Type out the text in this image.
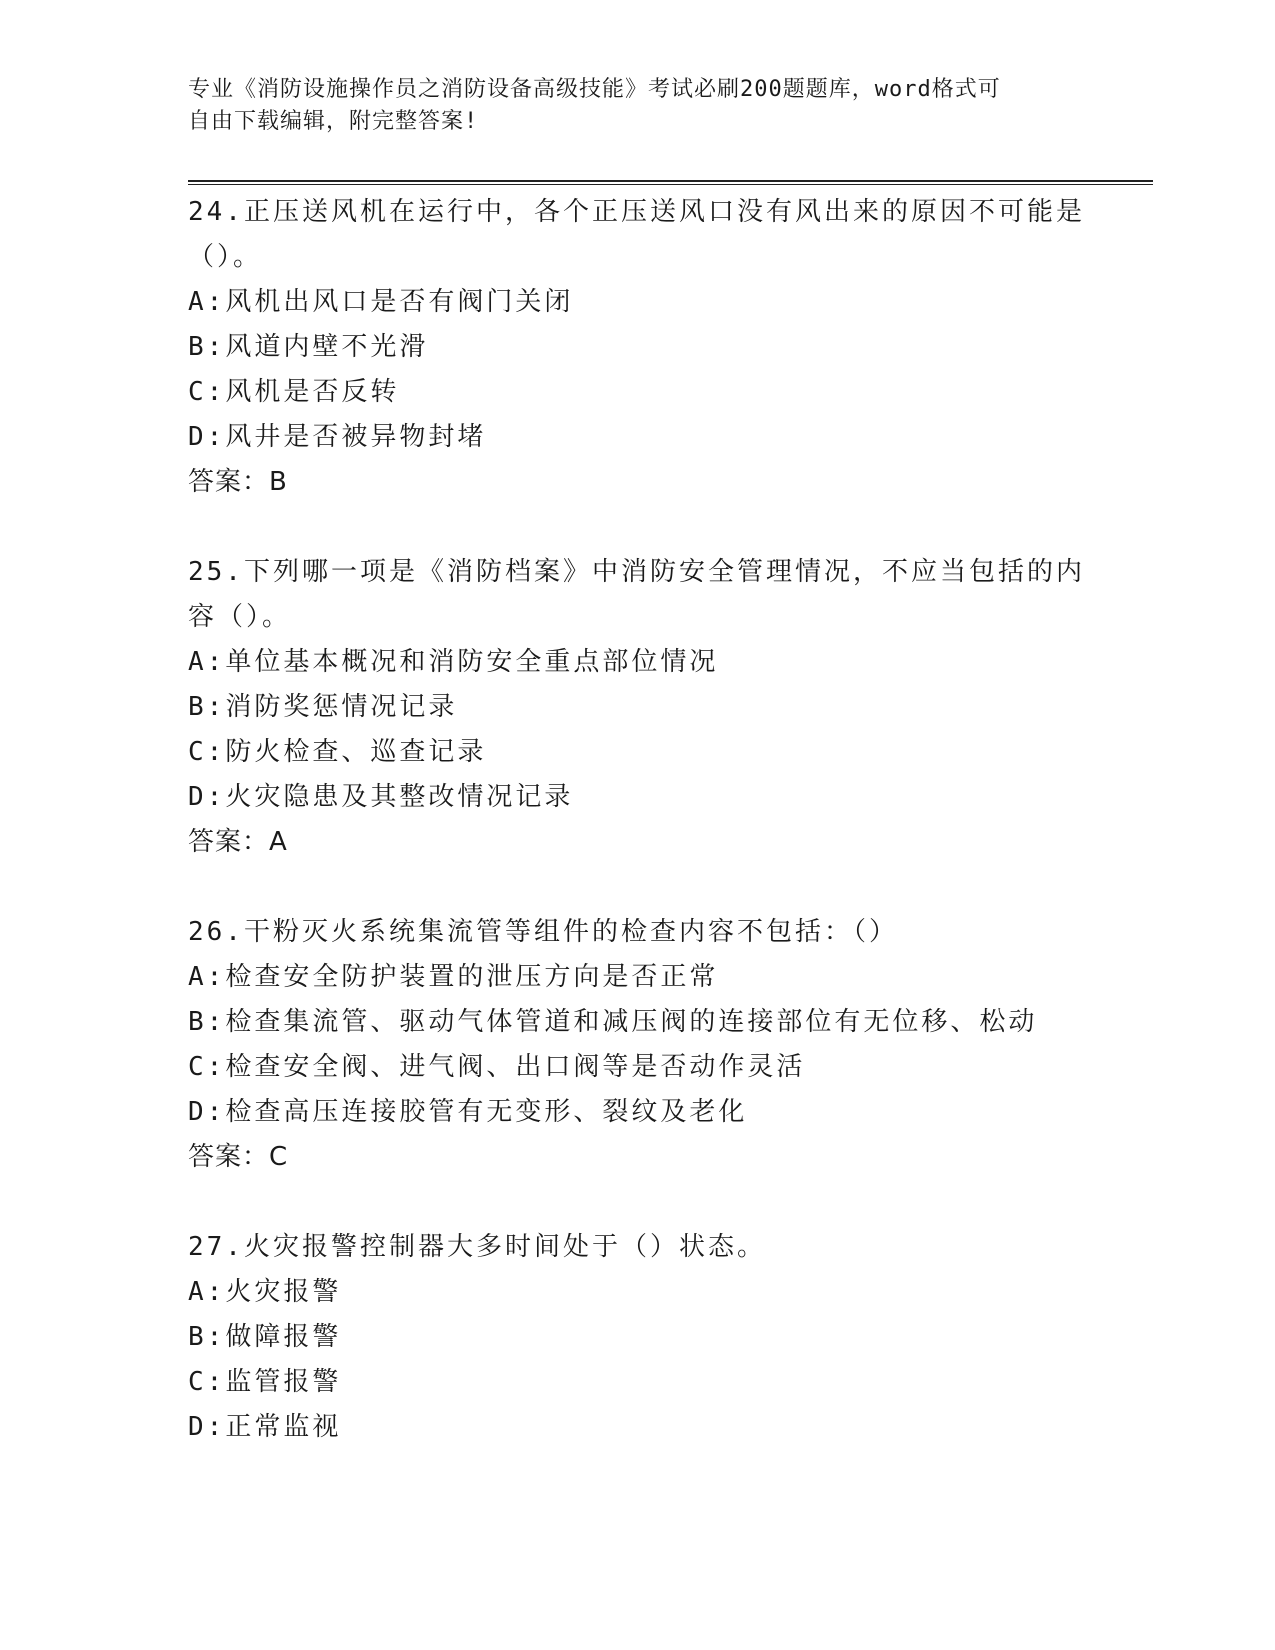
专业《消防设施操作员之消防设备高级技能》考试必刷200题题库，word格式可
自由下载编辑，附完整答案!

24.正压送风机在运行中，各个正压送风口没有风出来的原因不可能是（）。

A: 风机出风口是否有阀门关闭
B: 风道内壁不光滑
C: 风机是否反转
D: 风井是否被异物封堵

答案：B

25.下列哪一项是《消防档案》中消防安全管理情况，不应当包括的内容（）。

A: 单位基本概况和消防安全重点部位情况
B: 消防奖惩情况记录
C: 防火检查、巡查记录
D: 火灾隐患及其整改情况记录

答案：A

26.干粉灭火系统集流管等组件的检查内容不包括：（）

A: 检查安全防护装置的泄压方向是否正常
B: 检查集流管、驱动气体管道和减压阀的连接部位有无位移、松动
C: 检查安全阀、进气阀、出口阀等是否动作灵活
D: 检查高压连接胶管有无变形、裂纹及老化

答案：C

27.火灾报警控制器大多时间处于（）状态。

A: 火灾报警
B: 做障报警
C: 监管报警
D: 正常监视
